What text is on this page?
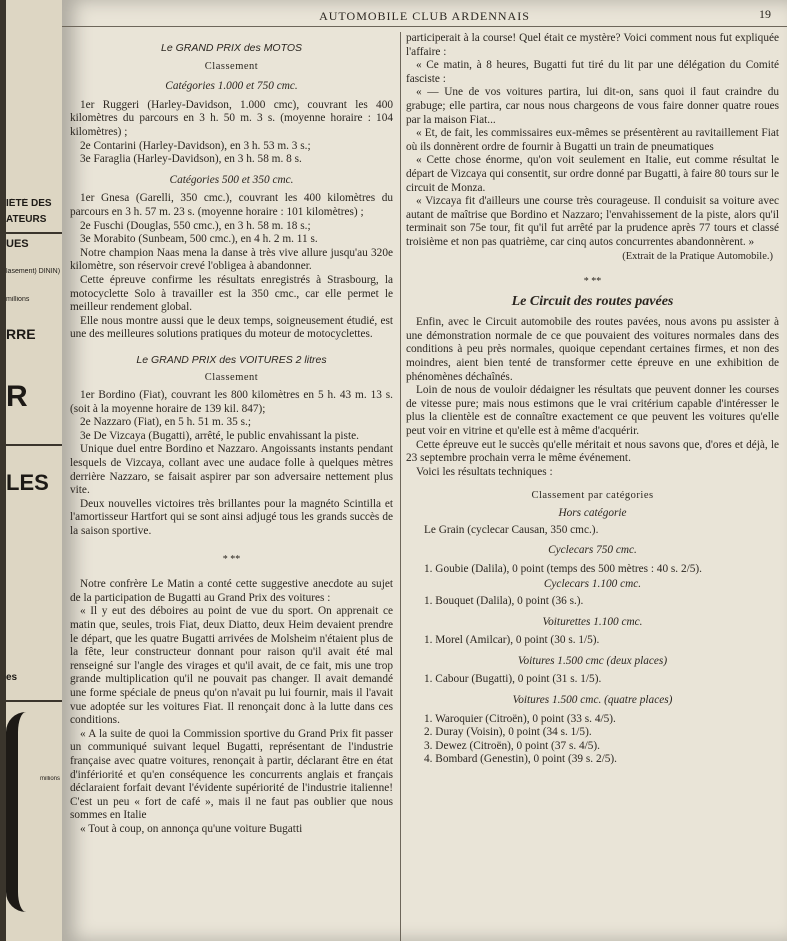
IÉTÉ DES
ATEURS
UES
lasement) DININ)
millions
RRE
R
LES
es
millions
AUTOMOBILE CLUB ARDENNAIS	19
Le GRAND PRIX des MOTOS
Classement
Catégories 1.000 et 750 cmc.

1er Ruggeri (Harley-Davidson, 1.000 cmc), couvrant les 400 kilomètres du parcours en 3 h. 50 m. 3 s. (moyenne horaire : 104 kilomètres) ;

2e Contarini (Harley-Davidson), en 3 h. 53 m. 3 s.;

3e Faraglia (Harley-Davidson), en 3 h. 58 m. 8 s.

Catégories 500 et 350 cmc.

1er Gnesa (Garelli, 350 cmc.), couvrant les 400 kilomètres du parcours en 3 h. 57 m. 23 s. (moyenne horaire : 101 kilomètres) ;

2e Fuschi (Douglas, 550 cmc.), en 3 h. 58 m. 18 s.;

3e Morabito (Sunbeam, 500 cmc.), en 4 h. 2 m. 11 s.

Notre champion Naas mena la danse à très vive allure jusqu'au 320e kilomètre, son réservoir crevé l'obligea à abandonner.

Cette épreuve confirme les résultats enregistrés à Strasbourg, la motocyclette Solo à travailler est la 350 cmc., car elle permet le meilleur rendement global.

Elle nous montre aussi que le deux temps, soigneusement étudié, est une des meilleures solutions pratiques du moteur de motocyclettes.

Le GRAND PRIX des VOITURES 2 litres
Classement

1er Bordino (Fiat), couvrant les 800 kilomètres en 5 h. 43 m. 13 s. (soit à la moyenne horaire de 139 kil. 847);

2e Nazzaro (Fiat), en 5 h. 51 m. 35 s.;

3e De Vizcaya (Bugatti), arrêté, le public envahissant la piste.

Unique duel entre Bordino et Nazzaro. Angoissants instants pendant lesquels de Vizcaya, collant avec une audace folle à quelques mètres derrière Nazzaro, se faisait aspirer par son adversaire nettement plus vite.

Deux nouvelles victoires très brillantes pour la magnéto Scintilla et l'amortisseur Hartfort qui se sont ainsi adjugé tous les grands succès de la saison sportive.

* **

Notre confrère Le Matin a conté cette suggestive anecdote au sujet de la participation de Bugatti au Grand Prix des voitures :

« Il y eut des déboires au point de vue du sport. On apprenait ce matin que, seules, trois Fiat, deux Diatto, deux Heim devaient prendre le départ, que les quatre Bugatti arrivées de Molsheim n'étaient plus de la fête, leur constructeur donnant pour raison qu'il avait été mal renseigné sur l'angle des virages et qu'il avait, de ce fait, mis une trop grande multiplication qu'il ne pouvait pas changer. Il avait demandé une forme spéciale de pneus qu'on n'avait pu lui fournir, mais il l'avait vue adoptée sur les voitures Fiat. Il renonçait donc à la lutte dans ces conditions.

« A la suite de quoi la Commission sportive du Grand Prix fit passer un communiqué suivant lequel Bugatti, représentant de l'industrie française avec quatre voitures, renonçait à partir, déclarant être en état d'infériorité et qu'en conséquence les concurrents anglais et français déclaraient forfait devant l'évidente supériorité de l'industrie italienne! C'est un peu « fort de café », mais il ne faut pas oublier que nous sommes en Italie

« Tout à coup, on annonça qu'une voiture Bugatti

participerait à la course! Quel était ce mystère? Voici comment nous fut expliquée l'affaire :

« Ce matin, à 8 heures, Bugatti fut tiré du lit par une délégation du Comité fasciste :

« — Une de vos voitures partira, lui dit-on, sans quoi il faut craindre du grabuge; elle partira, car nous nous chargeons de vous faire donner quatre roues par la maison Fiat...

« Et, de fait, les commissaires eux-mêmes se présentèrent au ravitaillement Fiat où ils donnèrent ordre de fournir à Bugatti un train de pneumatiques

« Cette chose énorme, qu'on voit seulement en Italie, eut comme résultat le départ de Vizcaya qui consentit, sur ordre donné par Bugatti, à faire 80 tours sur le circuit de Monza.

« Vizcaya fit d'ailleurs une course très courageuse. Il conduisit sa voiture avec autant de maîtrise que Bordino et Nazzaro; l'envahissement de la piste, alors qu'il terminait son 75e tour, fit qu'il fut arrêté par la prudence après 77 tours et classé troisième et non pas quatrième, car cinq autos concurrentes abandonnèrent. »

(Extrait de la Pratique Automobile.)

* **
Le Circuit des routes pavées

Enfin, avec le Circuit automobile des routes pavées, nous avons pu assister à une démonstration normale de ce que pouvaient des voitures normales dans des conditions à peu près normales, quoique cependant certaines firmes, et non des moindres, aient bien tenté de transformer cette épreuve en une exhibition de phénomènes déchaînés.

Loin de nous de vouloir dédaigner les résultats que peuvent donner les courses de vitesse pure; mais nous estimons que le vrai critérium capable d'intéresser le plus la clientèle est de connaître exactement ce que peuvent les voitures qu'elle peut voir en vitrine et qu'elle est à même d'acquérir.

Cette épreuve eut le succès qu'elle méritait et nous savons que, d'ores et déjà, le 23 septembre prochain verra le même événement.

Voici les résultats techniques :

Classement par catégories
Hors catégorie

Le Grain (cyclecar Causan, 350 cmc.).

Cyclecars 750 cmc.

1. Goubie (Dalila), 0 point (temps des 500 mètres : 40 s. 2/5).

Cyclecars 1.100 cmc.

1. Bouquet (Dalila), 0 point (36 s.).

Voiturettes 1.100 cmc.

1. Morel (Amilcar), 0 point (30 s. 1/5).

Voitures 1.500 cmc (deux places)

1. Cabour (Bugatti), 0 point (31 s. 1/5).

Voitures 1.500 cmc. (quatre places)

1. Waroquier (Citroën), 0 point (33 s. 4/5).

2. Duray (Voisin), 0 point (34 s. 1/5).

3. Dewez (Citroën), 0 point (37 s. 4/5).

4. Bombard (Genestin), 0 point (39 s. 2/5).
